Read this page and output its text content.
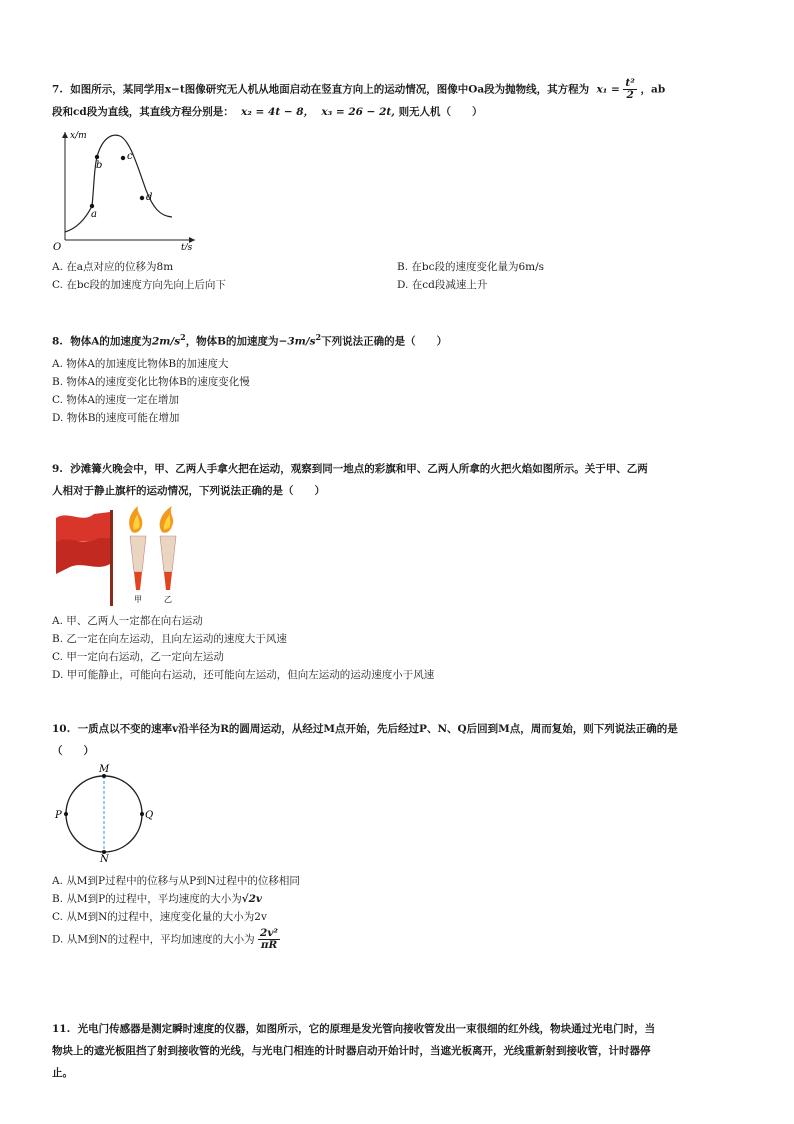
7. 如图所示，某同学用x−t图像研究无人机从地面启动在竖直方向上的运动情况，图像中Oa段为抛物线，其方程为 $x_1 = \frac{\text{t²}}{2}$ ，ab
段和cd段为直线，其直线方程分别是： x₂ = 4t − 8， x₃ = 26 − 2t, 则无人机（　　）
x/m
t/s
O
a
b
c
d
A. 在a点对应的位移为8m	B. 在bc段的速度变化量为6m/s
C. 在bc段的加速度方向先向上后向下	D. 在cd段减速上升
8. 物体A的加速度为$2m/s^2$，物体B的加速度为$-3m/s^2$下列说法正确的是（　　）
A. 物体A的加速度比物体B的加速度大
B. 物体A的速度变化比物体B的速度变化慢
C. 物体A的速度一定在增加
D. 物体B的速度可能在增加
9. 沙滩篝火晚会中，甲、乙两人手拿火把在运动，观察到同一地点的彩旗和甲、乙两人所拿的火把火焰如图所示。关于甲、乙两
人相对于静止旗杆的运动情况，下列说法正确的是（　　）
甲	乙
A. 甲、乙两人一定都在向右运动
B. 乙一定在向左运动，且向左运动的速度大于风速
C. 甲一定向右运动，乙一定向左运动
D. 甲可能静止，可能向右运动，还可能向左运动，但向左运动的运动速度小于风速
10. 一质点以不变的速率v沿半径为R的圆周运动，从经过M点开始，先后经过P、N、Q后回到M点，周而复始，则下列说法正确的是
（　　）
M
P	Q
N
A. 从M到P过程中的位移与从P到N过程中的位移相同
B. 从M到P的过程中，平均速度的大小为√2v
C. 从M到N的过程中，速度变化量的大小为2v
D. 从M到N的过程中，平均加速度的大小为 $\frac{\text{2v²}}{\pi R}$
11. 光电门传感器是测定瞬时速度的仪器，如图所示，它的原理是发光管向接收管发出一束很细的红外线，物块通过光电门时，当
物块上的遮光板阻挡了射到接收管的光线，与光电门相连的计时器启动开始计时，当遮光板离开，光线重新射到接收管，计时器停
止。
